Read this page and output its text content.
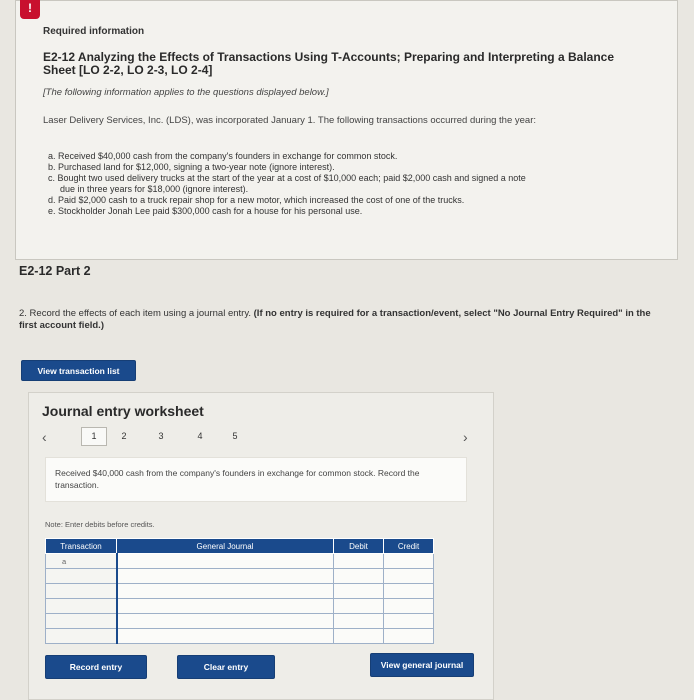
!
Required information
E2-12 Analyzing the Effects of Transactions Using T-Accounts; Preparing and Interpreting a Balance Sheet [LO 2-2, LO 2-3, LO 2-4]
[The following information applies to the questions displayed below.]
Laser Delivery Services, Inc. (LDS), was incorporated January 1. The following transactions occurred during the year:
a. Received $40,000 cash from the company's founders in exchange for common stock.
b. Purchased land for $12,000, signing a two-year note (ignore interest).
c. Bought two used delivery trucks at the start of the year at a cost of $10,000 each; paid $2,000 cash and signed a note
due in three years for $18,000 (ignore interest).
d. Paid $2,000 cash to a truck repair shop for a new motor, which increased the cost of one of the trucks.
e. Stockholder Jonah Lee paid $300,000 cash for a house for his personal use.
E2-12 Part 2
2. Record the effects of each item using a journal entry. (If no entry is required for a transaction/event, select "No Journal Entry Required" in the first account field.)
View transaction list
Journal entry worksheet
‹	1	2	3	4	5	›
Received $40,000 cash from the company's founders in exchange for common stock. Record the transaction.
Note: Enter debits before credits.
Transaction	General Journal	Debit	Credit
a			

Record entry	Clear entry	View general journal
